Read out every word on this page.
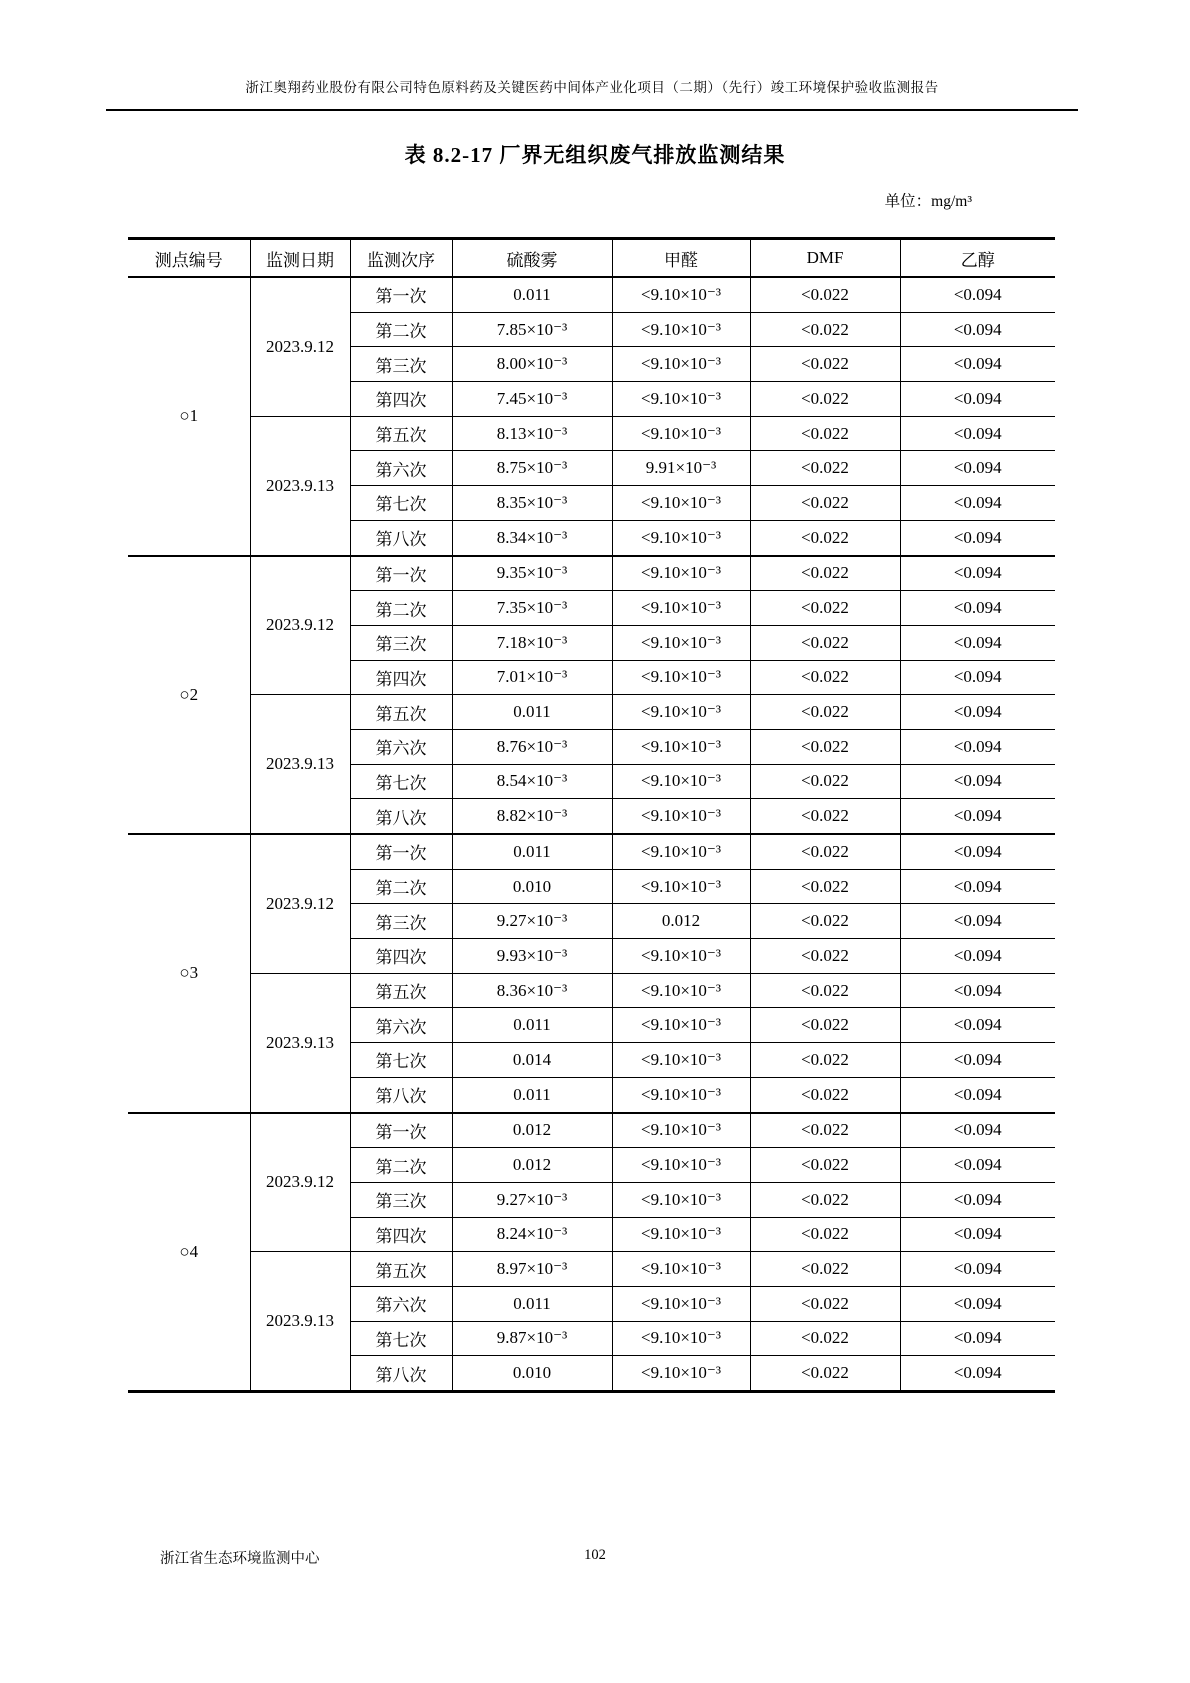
浙江奥翔药业股份有限公司特色原料药及关键医药中间体产业化项目（二期）（先行）竣工环境保护验收监测报告
表 8.2-17 厂界无组织废气排放监测结果
单位：mg/m³
测点编号	监测日期	监测次序	硫酸雾	甲醛	DMF	乙醇
○1	2023.9.12	第一次	0.011	<9.10×10⁻³	<0.022	<0.094
		第二次	7.85×10⁻³	<9.10×10⁻³	<0.022	<0.094
		第三次	8.00×10⁻³	<9.10×10⁻³	<0.022	<0.094
		第四次	7.45×10⁻³	<9.10×10⁻³	<0.022	<0.094
	2023.9.13	第五次	8.13×10⁻³	<9.10×10⁻³	<0.022	<0.094
		第六次	8.75×10⁻³	9.91×10⁻³	<0.022	<0.094
		第七次	8.35×10⁻³	<9.10×10⁻³	<0.022	<0.094
		第八次	8.34×10⁻³	<9.10×10⁻³	<0.022	<0.094
○2	2023.9.12	第一次	9.35×10⁻³	<9.10×10⁻³	<0.022	<0.094
		第二次	7.35×10⁻³	<9.10×10⁻³	<0.022	<0.094
		第三次	7.18×10⁻³	<9.10×10⁻³	<0.022	<0.094
		第四次	7.01×10⁻³	<9.10×10⁻³	<0.022	<0.094
	2023.9.13	第五次	0.011	<9.10×10⁻³	<0.022	<0.094
		第六次	8.76×10⁻³	<9.10×10⁻³	<0.022	<0.094
		第七次	8.54×10⁻³	<9.10×10⁻³	<0.022	<0.094
		第八次	8.82×10⁻³	<9.10×10⁻³	<0.022	<0.094
○3	2023.9.12	第一次	0.011	<9.10×10⁻³	<0.022	<0.094
		第二次	0.010	<9.10×10⁻³	<0.022	<0.094
		第三次	9.27×10⁻³	0.012	<0.022	<0.094
		第四次	9.93×10⁻³	<9.10×10⁻³	<0.022	<0.094
	2023.9.13	第五次	8.36×10⁻³	<9.10×10⁻³	<0.022	<0.094
		第六次	0.011	<9.10×10⁻³	<0.022	<0.094
		第七次	0.014	<9.10×10⁻³	<0.022	<0.094
		第八次	0.011	<9.10×10⁻³	<0.022	<0.094
○4	2023.9.12	第一次	0.012	<9.10×10⁻³	<0.022	<0.094
		第二次	0.012	<9.10×10⁻³	<0.022	<0.094
		第三次	9.27×10⁻³	<9.10×10⁻³	<0.022	<0.094
		第四次	8.24×10⁻³	<9.10×10⁻³	<0.022	<0.094
	2023.9.13	第五次	8.97×10⁻³	<9.10×10⁻³	<0.022	<0.094
		第六次	0.011	<9.10×10⁻³	<0.022	<0.094
		第七次	9.87×10⁻³	<9.10×10⁻³	<0.022	<0.094
		第八次	0.010	<9.10×10⁻³	<0.022	<0.094
浙江省生态环境监测中心	102
